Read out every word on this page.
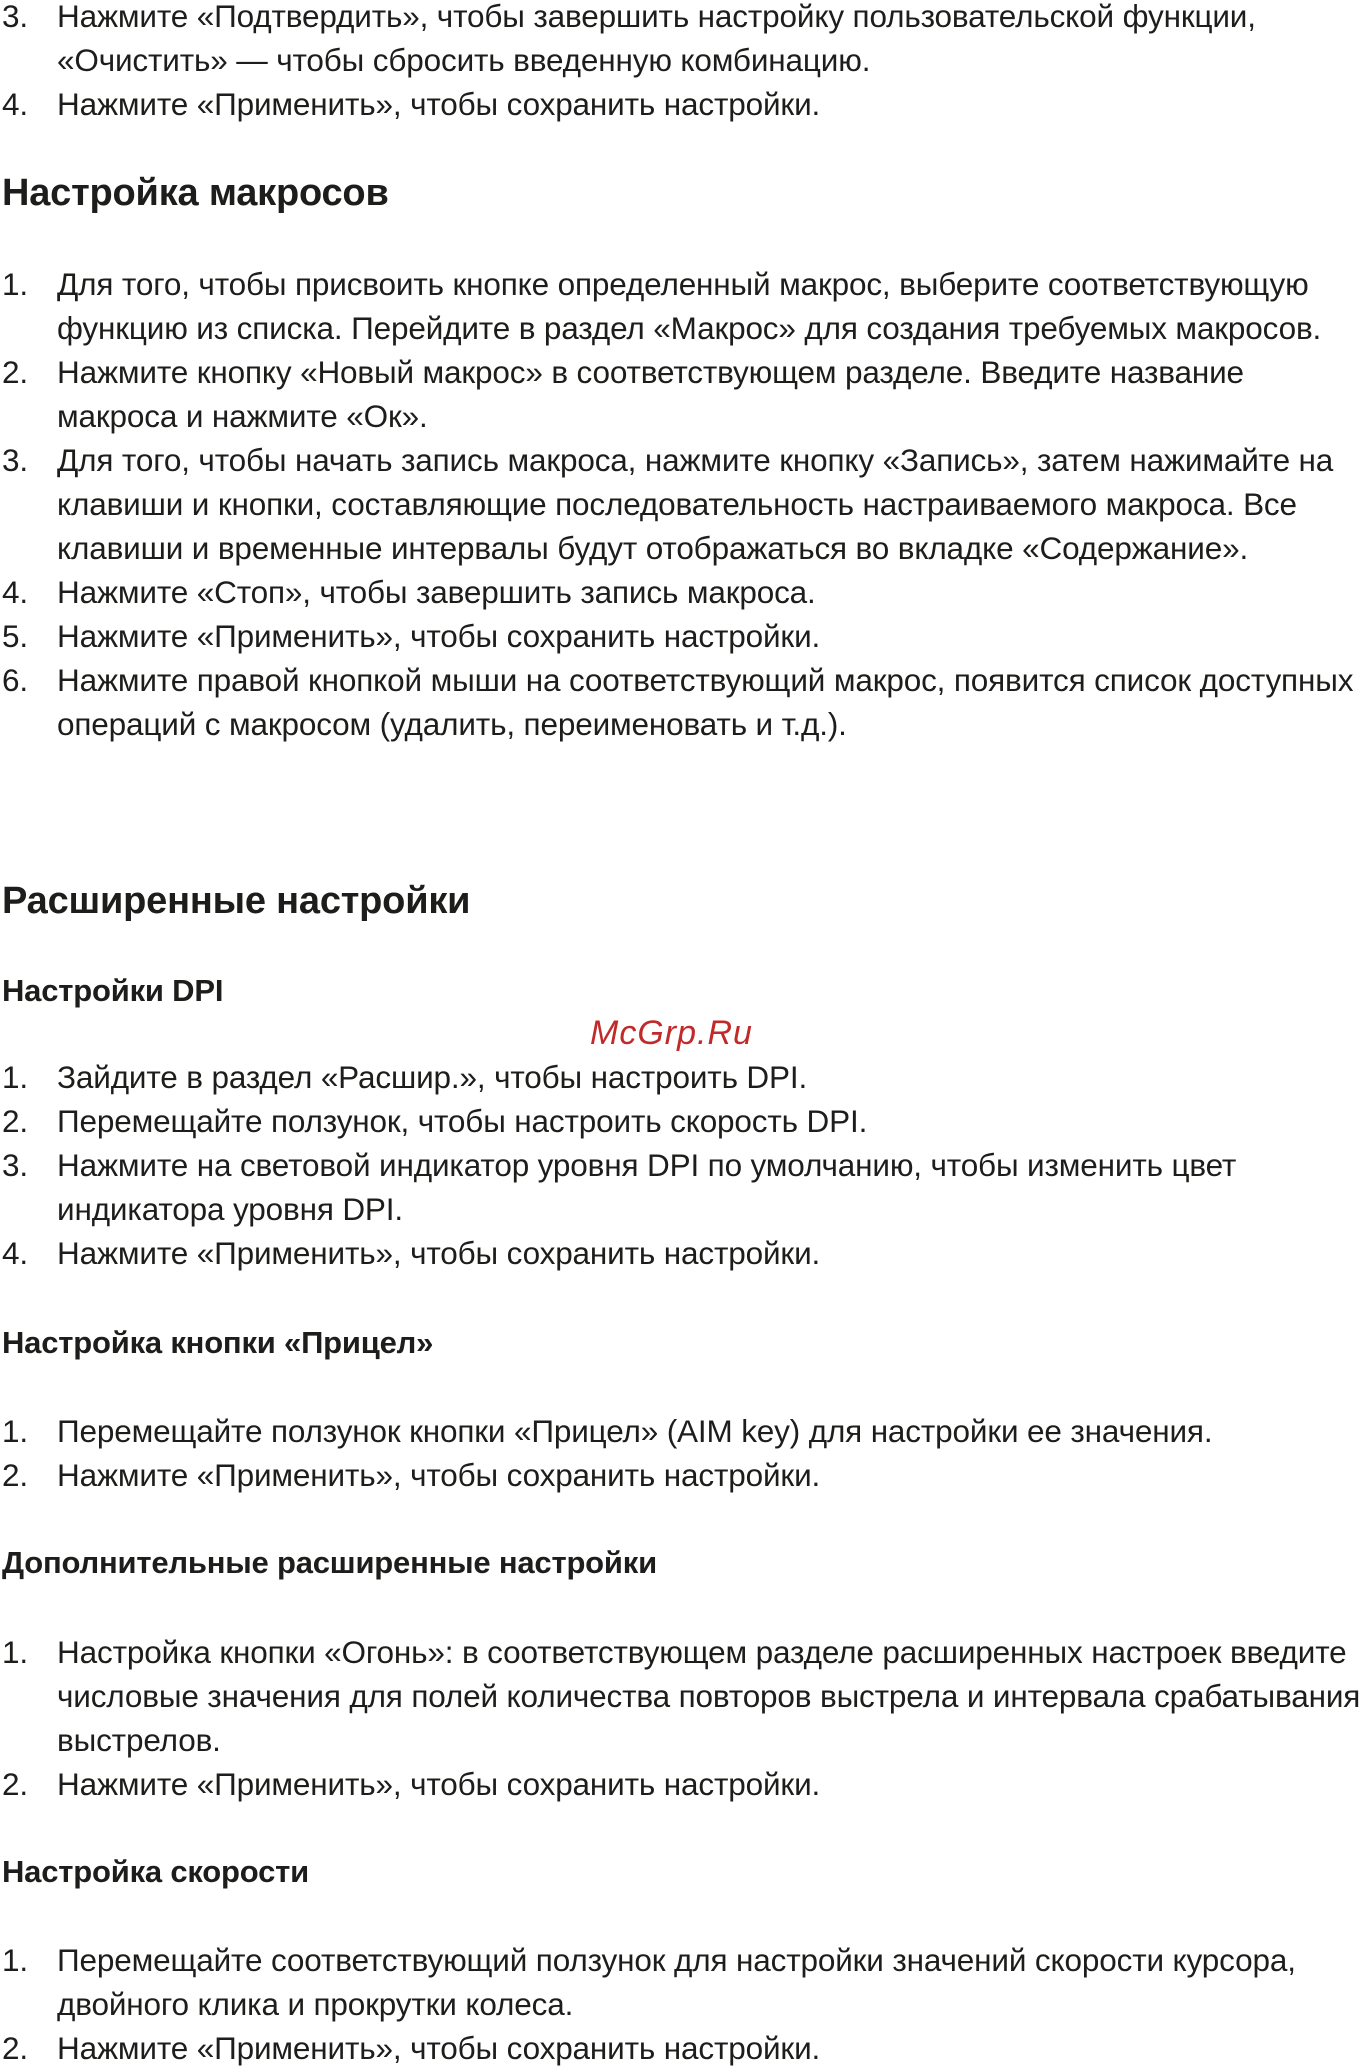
3. Нажмите «Подтвердить», чтобы завершить настройку пользовательской функции, «Очистить» — чтобы сбросить введенную комбинацию.
4. Нажмите «Применить», чтобы сохранить настройки.
Настройка макросов
1. Для того, чтобы присвоить кнопке определенный макрос, выберите соответствующую функцию из списка. Перейдите в раздел «Макрос» для создания требуемых макросов.
2. Нажмите кнопку «Новый макрос» в соответствующем разделе. Введите название макроса и нажмите «Ок».
3. Для того, чтобы начать запись макроса, нажмите кнопку «Запись», затем нажимайте на клавиши и кнопки, составляющие последовательность настраиваемого макроса. Все клавиши и временные интервалы будут отображаться во вкладке «Содержание».
4. Нажмите «Стоп», чтобы завершить запись макроса.
5. Нажмите «Применить», чтобы сохранить настройки.
6. Нажмите правой кнопкой мыши на соответствующий макрос, появится список доступных операций с макросом (удалить, переименовать и т.д.).
Расширенные настройки
Настройки DPI
McGrp.Ru
1. Зайдите в раздел «Расшир.», чтобы настроить DPI.
2. Перемещайте ползунок, чтобы настроить скорость DPI.
3. Нажмите на световой индикатор уровня DPI по умолчанию, чтобы изменить цвет индикатора уровня DPI.
4. Нажмите «Применить», чтобы сохранить настройки.
Настройка кнопки «Прицел»
1. Перемещайте ползунок кнопки «Прицел» (AIM key) для настройки ее значения.
2. Нажмите «Применить», чтобы сохранить настройки.
Дополнительные расширенные настройки
1. Настройка кнопки «Огонь»: в соответствующем разделе расширенных настроек введите числовые значения для полей количества повторов выстрела и интервала срабатывания выстрелов.
2. Нажмите «Применить», чтобы сохранить настройки.
Настройка скорости
1. Перемещайте соответствующий ползунок для настройки значений скорости курсора, двойного клика и прокрутки колеса.
2. Нажмите «Применить», чтобы сохранить настройки.
